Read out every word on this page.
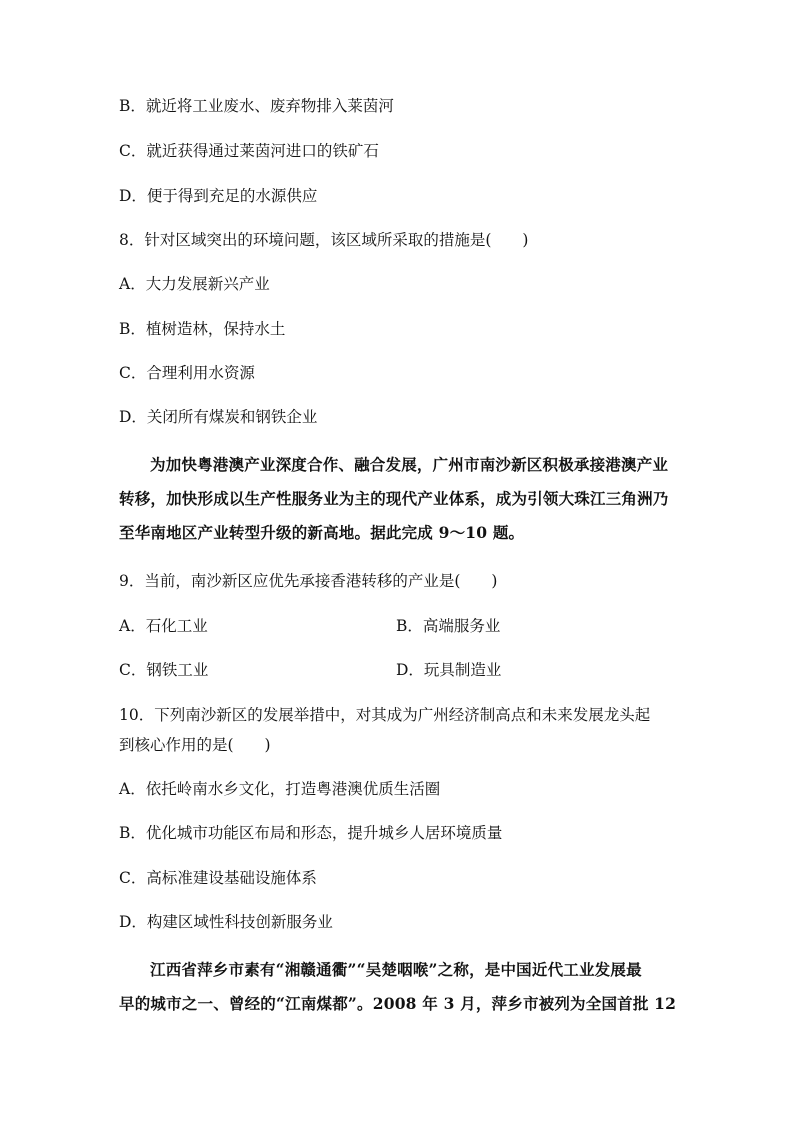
B．就近将工业废水、废弃物排入莱茵河
C．就近获得通过莱茵河进口的铁矿石
D．便于得到充足的水源供应
8．针对区域突出的环境问题，该区域所采取的措施是(　　)
A．大力发展新兴产业
B．植树造林，保持水土
C．合理利用水资源
D．关闭所有煤炭和钢铁企业
为加快粤港澳产业深度合作、融合发展，广州市南沙新区积极承接港澳产业
转移，加快形成以生产性服务业为主的现代产业体系，成为引领大珠江三角洲乃
至华南地区产业转型升级的新高地。据此完成 9～10 题。
9．当前，南沙新区应优先承接香港转移的产业是(　　)
A．石化工业	B．高端服务业
C．钢铁工业	D．玩具制造业
10．下列南沙新区的发展举措中，对其成为广州经济制高点和未来发展龙头起
到核心作用的是(　　)
A．依托岭南水乡文化，打造粤港澳优质生活圈
B．优化城市功能区布局和形态，提升城乡人居环境质量
C．高标准建设基础设施体系
D．构建区域性科技创新服务业
江西省萍乡市素有“湘赣通衢”“吴楚咽喉”之称，是中国近代工业发展最
早的城市之一、曾经的“江南煤都”。2008 年 3 月，萍乡市被列为全国首批 12
